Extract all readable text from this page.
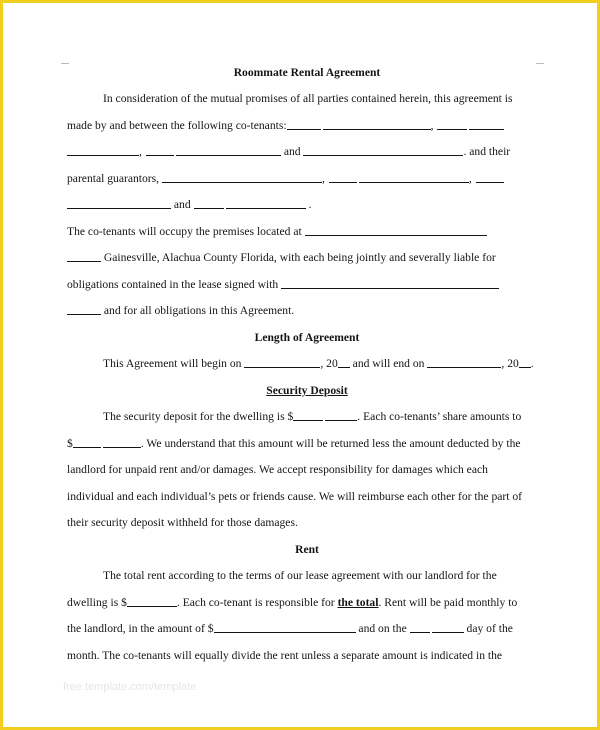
Roommate Rental Agreement
In consideration of the mutual promises of all parties contained herein, this agreement is
made by and between the following co-tenants:	,
,	and	. and their
parental guarantors,	,	,
and	.
The co-tenants will occupy the premises located at
Gainesville, Alachua County Florida, with each being jointly and severally liable for
obligations contained in the lease signed with
and for all obligations in this Agreement.
Length of Agreement
This Agreement will begin on	, 20 and will end on	, 20 .
Security Deposit
The security deposit for the dwelling is $	. Each co-tenants’ share amounts to
$	. We understand that this amount will be returned less the amount deducted by the
landlord for unpaid rent and/or damages. We accept responsibility for damages which each
individual and each individual’s pets or friends cause. We will reimburse each other for the part of
their security deposit withheld for those damages.
Rent
The total rent according to the terms of our lease agreement with our landlord for the
dwelling is $	. Each co-tenant is responsible for the total. Rent will be paid monthly to
the landlord, in the amount of $	and on the	day of the
month. The co-tenants will equally divide the rent unless a separate amount is indicated in the
free.template.com/template
